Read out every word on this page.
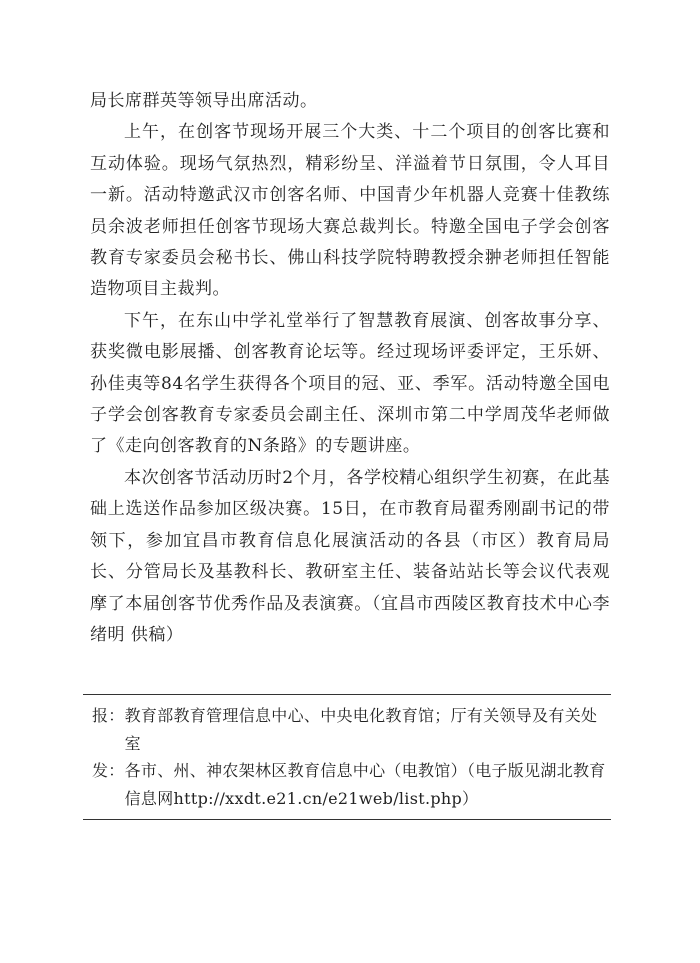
局长席群英等领导出席活动。

上午，在创客节现场开展三个大类、十二个项目的创客比赛和互动体验。现场气氛热烈，精彩纷呈、洋溢着节日氛围，令人耳目一新。活动特邀武汉市创客名师、中国青少年机器人竞赛十佳教练员余波老师担任创客节现场大赛总裁判长。特邀全国电子学会创客教育专家委员会秘书长、佛山科技学院特聘教授余翀老师担任智能造物项目主裁判。

下午，在东山中学礼堂举行了智慧教育展演、创客故事分享、获奖微电影展播、创客教育论坛等。经过现场评委评定，王乐妍、孙佳夷等84名学生获得各个项目的冠、亚、季军。活动特邀全国电子学会创客教育专家委员会副主任、深圳市第二中学周茂华老师做了《走向创客教育的N条路》的专题讲座。

本次创客节活动历时2个月，各学校精心组织学生初赛，在此基础上选送作品参加区级决赛。15日，在市教育局翟秀刚副书记的带领下，参加宜昌市教育信息化展演活动的各县（市区）教育局局长、分管局长及基教科长、教研室主任、装备站站长等会议代表观摩了本届创客节优秀作品及表演赛。（宜昌市西陵区教育技术中心李绪明 供稿）

报： 教育部教育管理信息中心、中央电化教育馆；厅有关领导及有关处室
发： 各市、州、神农架林区教育信息中心（电教馆）（电子版见湖北教育信息网http://xxdt.e21.cn/e21web/list.php）
